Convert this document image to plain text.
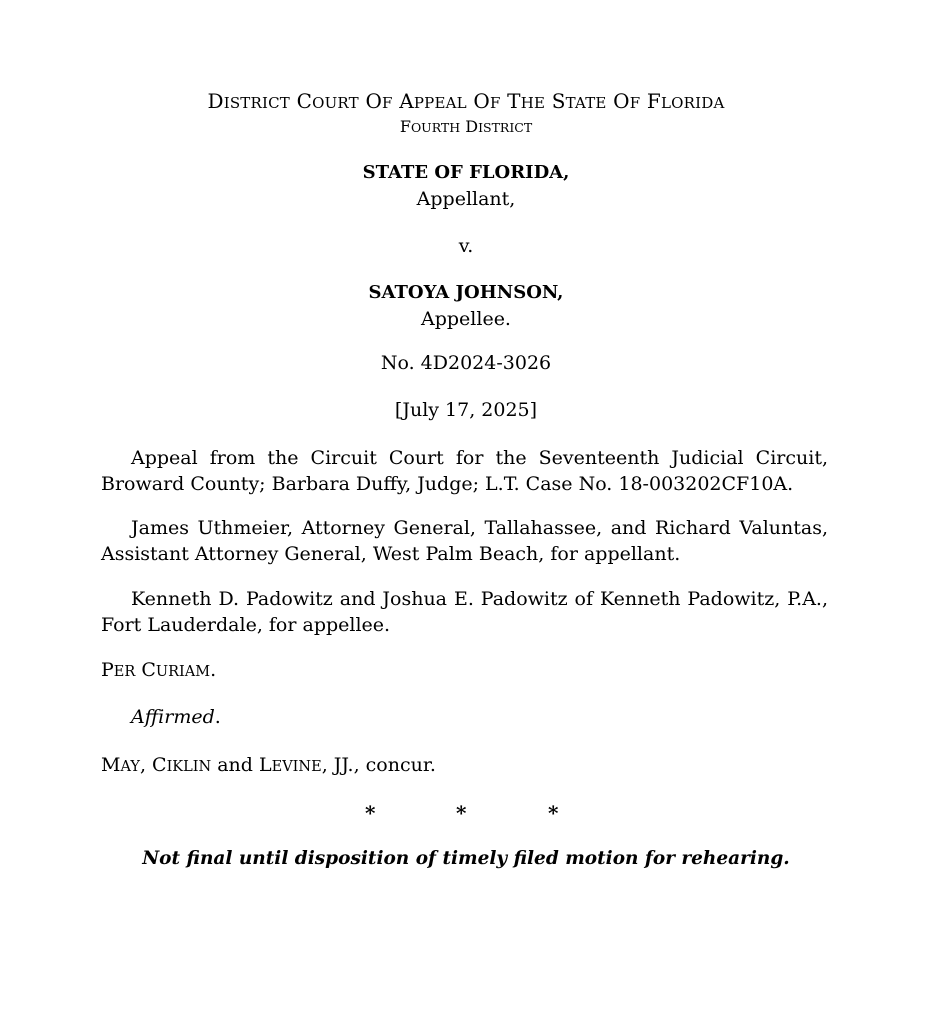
DISTRICT COURT OF APPEAL OF THE STATE OF FLORIDA
FOURTH DISTRICT
STATE OF FLORIDA,
Appellant,
v.
SATOYA JOHNSON,
Appellee.
No. 4D2024-3026
[July 17, 2025]
Appeal from the Circuit Court for the Seventeenth Judicial Circuit, Broward County; Barbara Duffy, Judge; L.T. Case No. 18-003202CF10A.
James Uthmeier, Attorney General, Tallahassee, and Richard Valuntas, Assistant Attorney General, West Palm Beach, for appellant.
Kenneth D. Padowitz and Joshua E. Padowitz of Kenneth Padowitz, P.A., Fort Lauderdale, for appellee.
PER CURIAM.
Affirmed.
MAY, CIKLIN and LEVINE, JJ., concur.
*	*	*
Not final until disposition of timely filed motion for rehearing.
